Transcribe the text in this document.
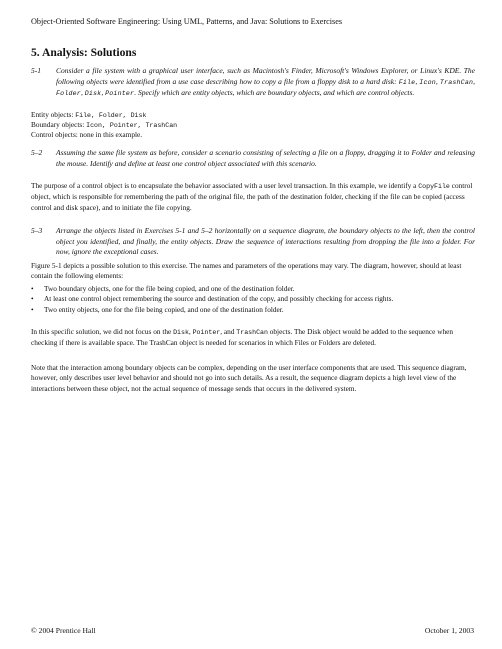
Object-Oriented Software Engineering: Using UML, Patterns, and Java: Solutions to Exercises
5. Analysis: Solutions
5-1 Consider a file system with a graphical user interface, such as Macintosh's Finder, Microsoft's Windows Explorer, or Linux's KDE. The following objects were identified from a use case describing how to copy a file from a floppy disk to a hard disk: File, Icon, TrashCan, Folder, Disk, Pointer. Specify which are entity objects, which are boundary objects, and which are control objects.
Entity objects: File, Folder, Disk
Boundary objects: Icon, Pointer, TrashCan
Control objects: none in this example.
5–2 Assuming the same file system as before, consider a scenario consisting of selecting a file on a floppy, dragging it to Folder and releasing the mouse. Identify and define at least one control object associated with this scenario.
The purpose of a control object is to encapsulate the behavior associated with a user level transaction. In this example, we identify a CopyFile control object, which is responsible for remembering the path of the original file, the path of the destination folder, checking if the file can be copied (access control and disk space), and to initiate the file copying.
5–3 Arrange the objects listed in Exercises 5-1 and 5–2 horizontally on a sequence diagram, the boundary objects to the left, then the control object you identified, and finally, the entity objects. Draw the sequence of interactions resulting from dropping the file into a folder. For now, ignore the exceptional cases.
Figure 5-1 depicts a possible solution to this exercise. The names and parameters of the operations may vary. The diagram, however, should at least contain the following elements:
• Two boundary objects, one for the file being copied, and one of the destination folder.
• At least one control object remembering the source and destination of the copy, and possibly checking for access rights.
• Two entity objects, one for the file being copied, and one of the destination folder.
In this specific solution, we did not focus on the Disk, Pointer, and TrashCan objects. The Disk object would be added to the sequence when checking if there is available space. The TrashCan object is needed for scenarios in which Files or Folders are deleted.
Note that the interaction among boundary objects can be complex, depending on the user interface components that are used. This sequence diagram, however, only describes user level behavior and should not go into such details. As a result, the sequence diagram depicts a high level view of the interactions between these object, not the actual sequence of message sends that occurs in the delivered system.
© 2004 Prentice Hall	October 1, 2003
